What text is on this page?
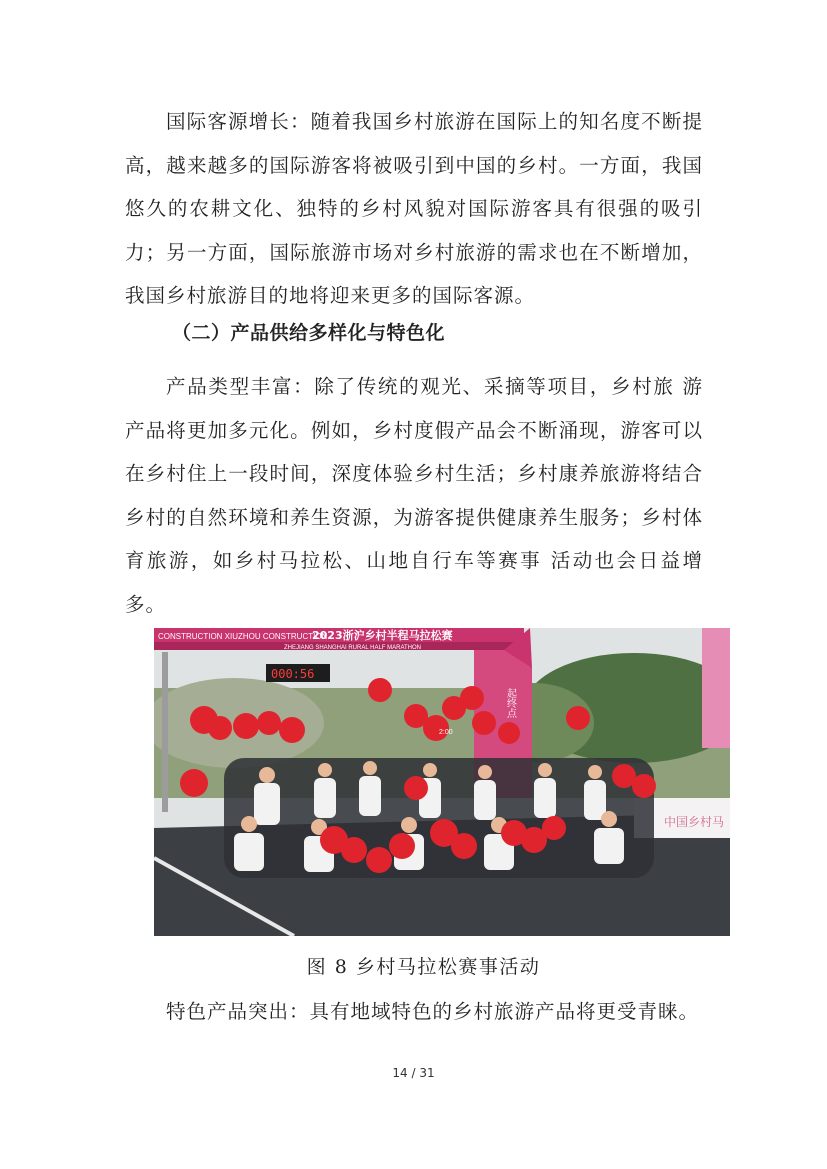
国际客源增长：随着我国乡村旅游在国际上的知名度不断提高，越来越多的国际游客将被吸引到中国的乡村。一方面，我国悠久的农耕文化、独特的乡村风貌对国际游客具有很强的吸引力；另一方面，国际旅游市场对乡村旅游的需求也在不断增加，我国乡村旅游目的地将迎来更多的国际客源。

（二）产品供给多样化与特色化

产品类型丰富：除了传统的观光、采摘等项目，乡村旅 游产品将更加多元化。例如，乡村度假产品会不断涌现，游客可以在乡村住上一段时间，深度体验乡村生活；乡村康养旅游将结合乡村的自然环境和养生资源，为游客提供健康养生服务；乡村体育旅游，如乡村马拉松、山地自行车等赛事 活动也会日益增多。

中国乡村马
CONSTRUCTION XIUZHOU CONSTRUCTION
2023浙沪乡村半程马拉松赛
ZHEJIANG SHANGHAI RURAL HALF MARATHON
起终点
000:56
2:00

图 8 乡村马拉松赛事活动

特色产品突出：具有地域特色的乡村旅游产品将更受青睐。

14 / 31
